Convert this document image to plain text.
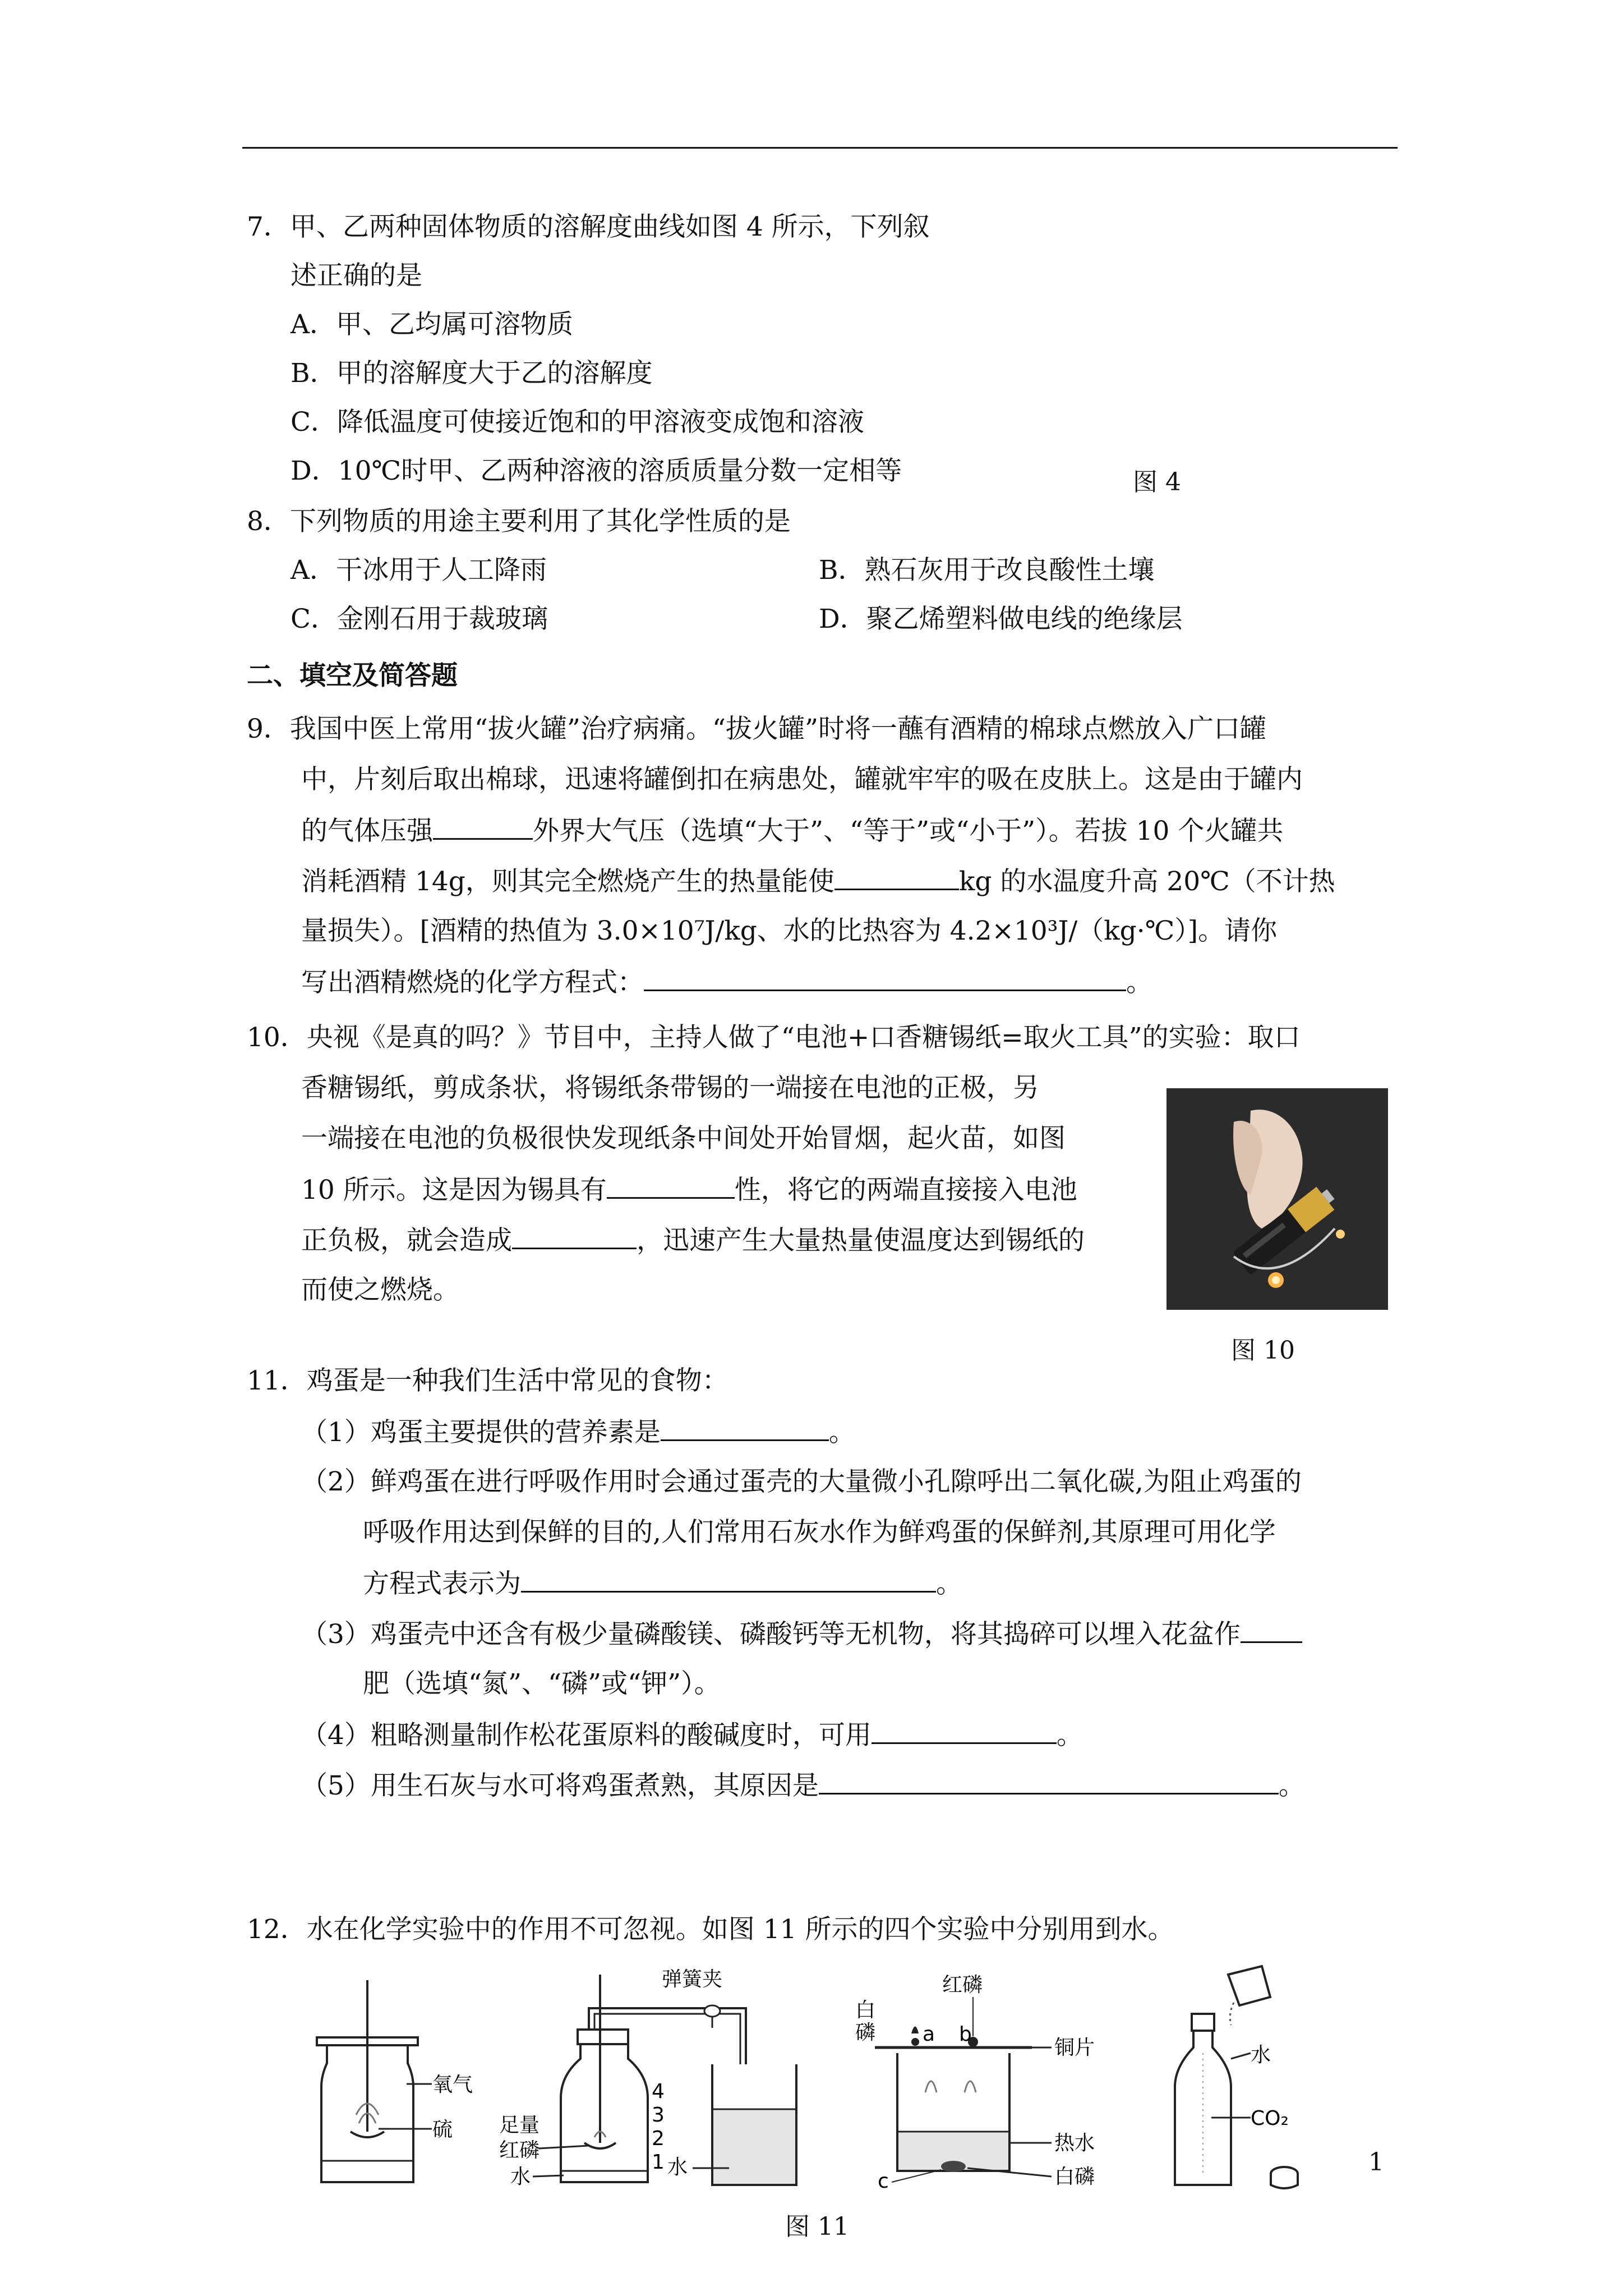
7．甲、乙两种固体物质的溶解度曲线如图 4 所示，下列叙
述正确的是
A．甲、乙均属可溶物质
B．甲的溶解度大于乙的溶解度
C．降低温度可使接近饱和的甲溶液变成饱和溶液
D．10℃时甲、乙两种溶液的溶质质量分数一定相等	图 4
8．下列物质的用途主要利用了其化学性质的是
A．干冰用于人工降雨	B．熟石灰用于改良酸性土壤
C．金刚石用于裁玻璃	D．聚乙烯塑料做电线的绝缘层
二、填空及简答题
9．我国中医上常用“拔火罐”治疗病痛。“拔火罐”时将一蘸有酒精的棉球点燃放入广口罐
中，片刻后取出棉球，迅速将罐倒扣在病患处，罐就牢牢的吸在皮肤上。这是由于罐内
的气体压强	外界大气压（选填“大于”、“等于”或“小于”）。若拔 10 个火罐共
消耗酒精 14g，则其完全燃烧产生的热量能使	kg 的水温度升高 20℃（不计热
量损失）。[酒精的热值为 3.0×10⁷J/kg、水的比热容为 4.2×10³J/（kg·℃）]。请你
写出酒精燃烧的化学方程式：	。
10．央视《是真的吗？》节目中，主持人做了“电池+口香糖锡纸=取火工具”的实验：取口
香糖锡纸，剪成条状，将锡纸条带锡的一端接在电池的正极，另
一端接在电池的负极很快发现纸条中间处开始冒烟，起火苗，如图
10 所示。这是因为锡具有	性，将它的两端直接接入电池
正负极，就会造成	，迅速产生大量热量使温度达到锡纸的
而使之燃烧。
图 10
11．鸡蛋是一种我们生活中常见的食物：
（1）鸡蛋主要提供的营养素是	。
（2）鲜鸡蛋在进行呼吸作用时会通过蛋壳的大量微小孔隙呼出二氧化碳,为阻止鸡蛋的
呼吸作用达到保鲜的目的,人们常用石灰水作为鲜鸡蛋的保鲜剂,其原理可用化学
方程式表示为	。
（3）鸡蛋壳中还含有极少量磷酸镁、磷酸钙等无机物，将其捣碎可以埋入花盆作
肥（选填“氮”、“磷”或“钾”）。
（4）粗略测量制作松花蛋原料的酸碱度时，可用	。
（5）用生石灰与水可将鸡蛋煮熟，其原因是	。
12．水在化学实验中的作用不可忽视。如图 11 所示的四个实验中分别用到水。
氧气
硫
弹簧夹
4
3
2
1
足量
红磷
水	水
红磷
白
磷 a b
铜片
热水
白磷
c
水
CO₂
图 11
1
